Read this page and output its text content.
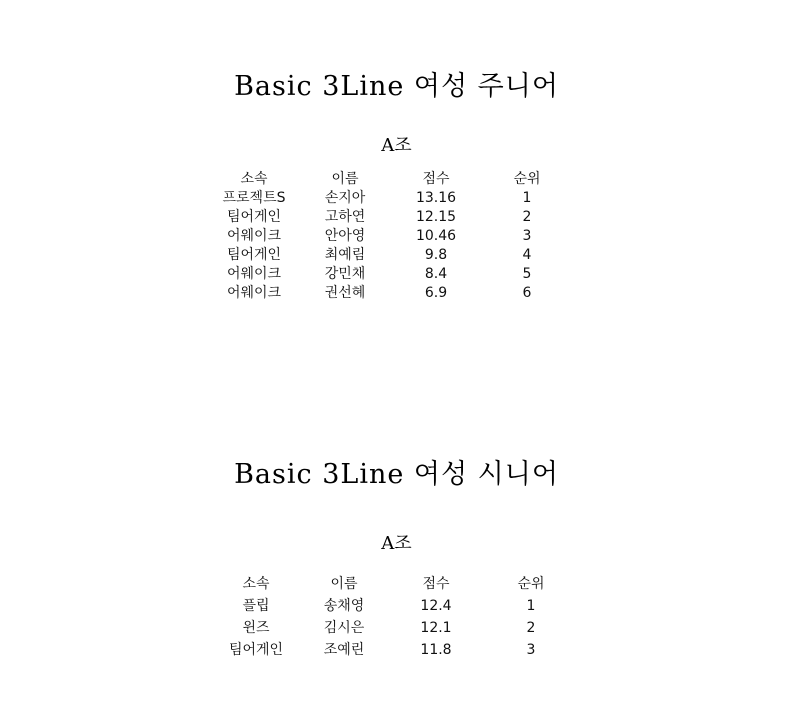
Basic 3Line 여성 주니어
A조
소속	이름	점수	순위
프로젝트S	손지아	13.16	1
팀어게인	고하연	12.15	2
어웨이크	안아영	10.46	3
팀어게인	최예림	9.8	4
어웨이크	강민채	8.4	5
어웨이크	권선혜	6.9	6
Basic 3Line 여성 시니어
A조
소속	이름	점수	순위
플립	송채영	12.4	1
윈즈	김시은	12.1	2
팀어게인	조예린	11.8	3
